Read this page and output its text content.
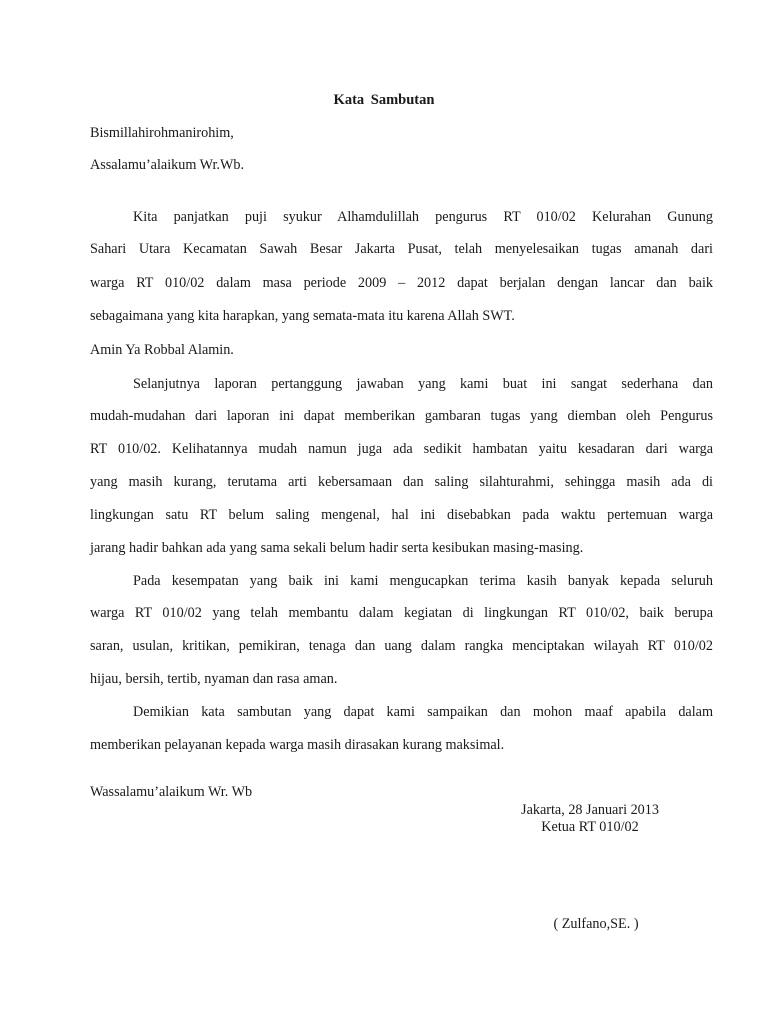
Kata Sambutan
Bismillahirohmanirohim,
Assalamu’alaikum Wr.Wb.
Kita panjatkan puji syukur Alhamdulillah pengurus RT 010/02 Kelurahan Gunung
Sahari Utara Kecamatan Sawah Besar Jakarta Pusat, telah menyelesaikan tugas amanah dari
warga RT 010/02 dalam masa periode 2009 – 2012 dapat berjalan dengan lancar dan baik
sebagaimana yang kita harapkan, yang semata-mata itu karena Allah SWT.
Amin Ya Robbal Alamin.
Selanjutnya laporan pertanggung jawaban yang kami buat ini sangat sederhana dan
mudah-mudahan dari laporan ini dapat memberikan gambaran tugas yang diemban oleh Pengurus
RT 010/02. Kelihatannya mudah namun juga ada sedikit hambatan yaitu kesadaran dari warga
yang masih kurang, terutama arti kebersamaan dan saling silahturahmi, sehingga masih ada di
lingkungan satu RT belum saling mengenal, hal ini disebabkan pada waktu pertemuan warga
jarang hadir bahkan ada yang sama sekali belum hadir serta kesibukan masing-masing.
Pada kesempatan yang baik ini kami mengucapkan terima kasih banyak kepada seluruh
warga RT 010/02 yang telah membantu dalam kegiatan di lingkungan RT 010/02, baik berupa
saran, usulan, kritikan, pemikiran, tenaga dan uang dalam rangka menciptakan wilayah RT 010/02
hijau, bersih, tertib, nyaman dan rasa aman.
Demikian kata sambutan yang dapat kami sampaikan dan mohon maaf apabila dalam
memberikan pelayanan kepada warga masih dirasakan kurang maksimal.
Wassalamu’alaikum Wr. Wb
Jakarta, 28 Januari 2013
Ketua RT 010/02
( Zulfano,SE. )
